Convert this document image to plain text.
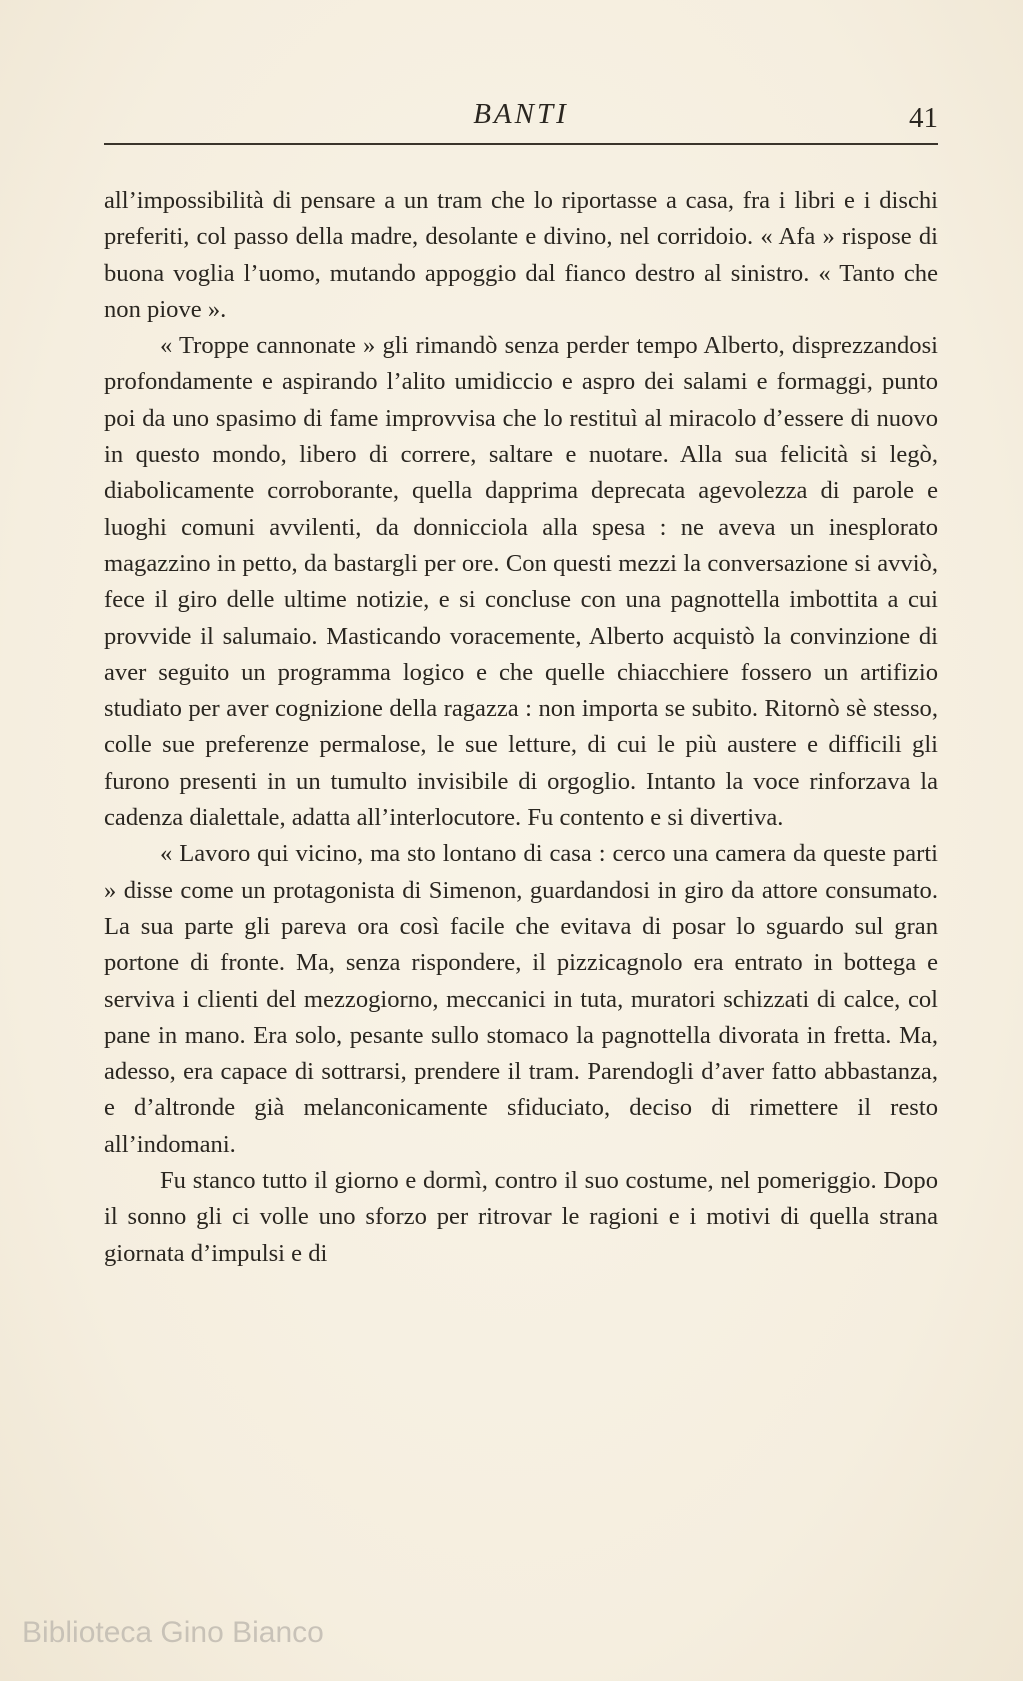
BANTI	41

all’impossibilità di pensare a un tram che lo riportasse a casa, fra i libri e i dischi preferiti, col passo della madre, desolante e divino, nel corridoio. « Afa » rispose di buona voglia l’uomo, mutando appoggio dal fianco destro al sinistro. « Tanto che non piove ».

« Troppe cannonate » gli rimandò senza perder tempo Alberto, disprezzandosi profondamente e aspirando l’alito umidiccio e aspro dei salami e formaggi, punto poi da uno spasimo di fame improvvisa che lo restituì al miracolo d’essere di nuovo in questo mondo, libero di correre, saltare e nuotare. Alla sua felicità si legò, diabolicamente corroborante, quella dapprima deprecata agevolezza di parole e luoghi comuni avvilenti, da donnicciola alla spesa : ne aveva un inesplorato magazzino in petto, da bastargli per ore. Con questi mezzi la conversazione si avviò, fece il giro delle ultime notizie, e si concluse con una pagnottella imbottita a cui provvide il salumaio. Masticando voracemente, Alberto acquistò la convinzione di aver seguito un programma logico e che quelle chiacchiere fossero un artifizio studiato per aver cognizione della ragazza : non importa se subito. Ritornò sè stesso, colle sue preferenze permalose, le sue letture, di cui le più austere e difficili gli furono presenti in un tumulto invisibile di orgoglio. Intanto la voce rinforzava la cadenza dialettale, adatta all’interlocutore. Fu contento e si divertiva.

« Lavoro qui vicino, ma sto lontano di casa : cerco una camera da queste parti » disse come un protagonista di Simenon, guardandosi in giro da attore consumato. La sua parte gli pareva ora così facile che evitava di posar lo sguardo sul gran portone di fronte. Ma, senza rispondere, il pizzicagnolo era entrato in bottega e serviva i clienti del mezzogiorno, meccanici in tuta, muratori schizzati di calce, col pane in mano. Era solo, pesante sullo stomaco la pagnottella divorata in fretta. Ma, adesso, era capace di sottrarsi, prendere il tram. Parendogli d’aver fatto abbastanza, e d’altronde già melanconicamente sfiduciato, deciso di rimettere il resto all’indomani.

Fu stanco tutto il giorno e dormì, contro il suo costume, nel pomeriggio. Dopo il sonno gli ci volle uno sforzo per ritrovar le ragioni e i motivi di quella strana giornata d’impulsi e di

Biblioteca Gino Bianco
